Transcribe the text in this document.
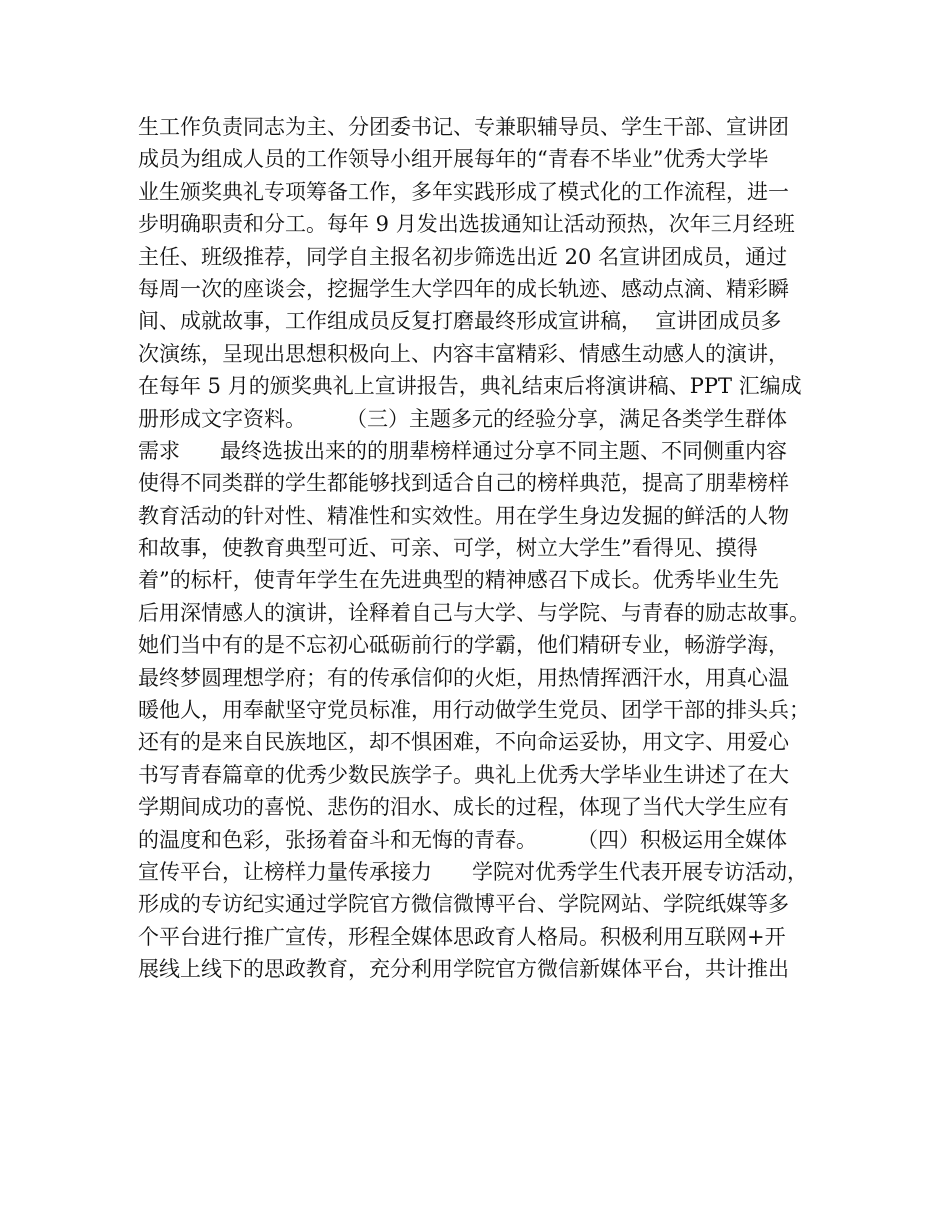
生工作负责同志为主、分团委书记、专兼职辅导员、学生干部、宣讲团
成员为组成人员的工作领导小组开展每年的“青春不毕业”优秀大学毕
业生颁奖典礼专项筹备工作，多年实践形成了模式化的工作流程，进一
步明确职责和分工。每年 9 月发出选拔通知让活动预热，次年三月经班
主任、班级推荐，同学自主报名初步筛选出近 20 名宣讲团成员，通过
每周一次的座谈会，挖掘学生大学四年的成长轨迹、感动点滴、精彩瞬
间、成就故事，工作组成员反复打磨最终形成宣讲稿，  宣讲团成员多
次演练，呈现出思想积极向上、内容丰富精彩、情感生动感人的演讲，
在每年 5 月的颁奖典礼上宣讲报告，典礼结束后将演讲稿、PPT 汇编成
册形成文字资料。      （三）主题多元的经验分享，满足各类学生群体
需求      最终选拔出来的的朋辈榜样通过分享不同主题、不同侧重内容
使得不同类群的学生都能够找到适合自己的榜样典范，提高了朋辈榜样
教育活动的针对性、精准性和实效性。用在学生身边发掘的鲜活的人物
和故事，使教育典型可近、可亲、可学，树立大学生”看得见、摸得
着”的标杆，使青年学生在先进典型的精神感召下成长。优秀毕业生先
后用深情感人的演讲，诠释着自己与大学、与学院、与青春的励志故事。
她们当中有的是不忘初心砥砺前行的学霸，他们精研专业，畅游学海，
最终梦圆理想学府；有的传承信仰的火炬，用热情挥洒汗水，用真心温
暖他人，用奉献坚守党员标准，用行动做学生党员、团学干部的排头兵；
还有的是来自民族地区，却不惧困难，不向命运妥协，用文字、用爱心
书写青春篇章的优秀少数民族学子。典礼上优秀大学毕业生讲述了在大
学期间成功的喜悦、悲伤的泪水、成长的过程，体现了当代大学生应有
的温度和色彩，张扬着奋斗和无悔的青春。      （四）积极运用全媒体
宣传平台，让榜样力量传承接力      学院对优秀学生代表开展专访活动，
形成的专访纪实通过学院官方微信微博平台、学院网站、学院纸媒等多
个平台进行推广宣传，形程全媒体思政育人格局。积极利用互联网+开
展线上线下的思政教育，充分利用学院官方微信新媒体平台，共计推出
